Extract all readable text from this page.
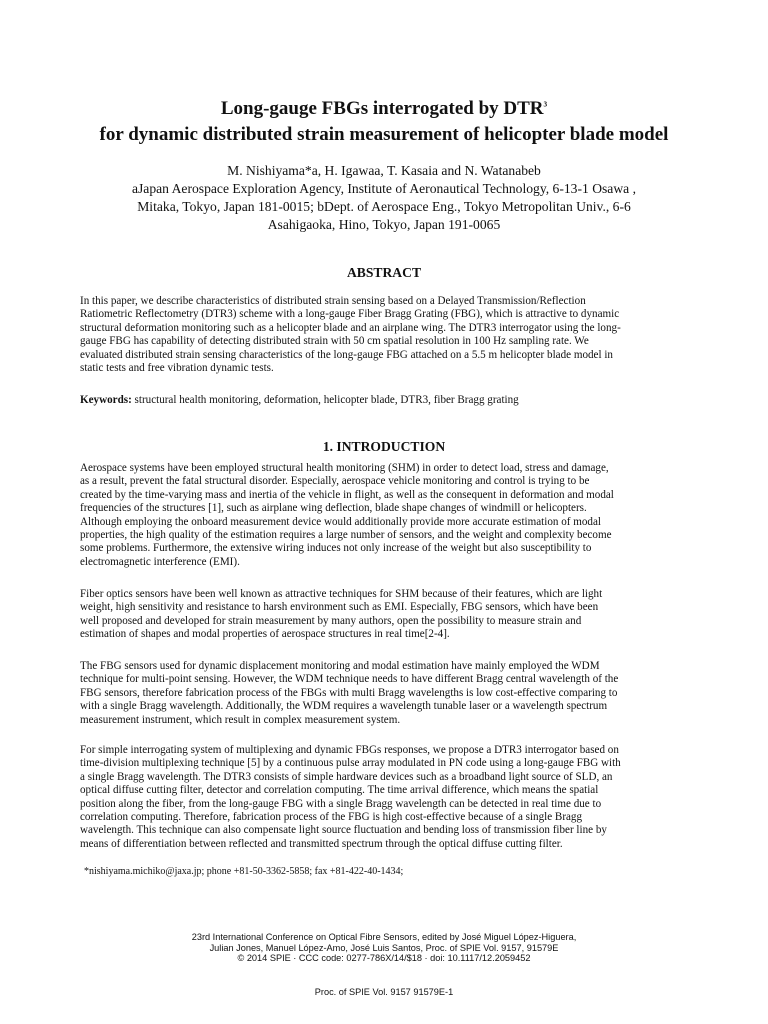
Long-gauge FBGs interrogated by DTR$^3$
for dynamic distributed strain measurement of helicopter blade model

M. Nishiyama*a, H. Igawaa, T. Kasaia and N. Watanabeb

aJapan Aerospace Exploration Agency, Institute of Aeronautical Technology, 6-13-1 Osawa ,

Mitaka, Tokyo, Japan 181-0015; bDept. of Aerospace Eng., Tokyo Metropolitan Univ., 6-6

Asahigaoka, Hino, Tokyo, Japan 191-0065

ABSTRACT

In this paper, we describe characteristics of distributed strain sensing based on a Delayed Transmission/Reflection
Ratiometric Reflectometry (DTR3) scheme with a long-gauge Fiber Bragg Grating (FBG), which is attractive to dynamic
structural deformation monitoring such as a helicopter blade and an airplane wing. The DTR3 interrogator using the long-
gauge FBG has capability of detecting distributed strain with 50 cm spatial resolution in 100 Hz sampling rate. We
evaluated distributed strain sensing characteristics of the long-gauge FBG attached on a 5.5 m helicopter blade model in
static tests and free vibration dynamic tests.

Keywords: structural health monitoring, deformation, helicopter blade, DTR3, fiber Bragg grating

1. INTRODUCTION

Aerospace systems have been employed structural health monitoring (SHM) in order to detect load, stress and damage,
as a result, prevent the fatal structural disorder. Especially, aerospace vehicle monitoring and control is trying to be
created by the time-varying mass and inertia of the vehicle in flight, as well as the consequent in deformation and modal
frequencies of the structures [1], such as airplane wing deflection, blade shape changes of windmill or helicopters.
Although employing the onboard measurement device would additionally provide more accurate estimation of modal
properties, the high quality of the estimation requires a large number of sensors, and the weight and complexity become
some problems. Furthermore, the extensive wiring induces not only increase of the weight but also susceptibility to
electromagnetic interference (EMI).

Fiber optics sensors have been well known as attractive techniques for SHM because of their features, which are light
weight, high sensitivity and resistance to harsh environment such as EMI. Especially, FBG sensors, which have been
well proposed and developed for strain measurement by many authors, open the possibility to measure strain and
estimation of shapes and modal properties of aerospace structures in real time[2-4].

The FBG sensors used for dynamic displacement monitoring and modal estimation have mainly employed the WDM
technique for multi-point sensing. However, the WDM technique needs to have different Bragg central wavelength of the
FBG sensors, therefore fabrication process of the FBGs with multi Bragg wavelengths is low cost-effective comparing to
with a single Bragg wavelength. Additionally, the WDM requires a wavelength tunable laser or a wavelength spectrum
measurement instrument, which result in complex measurement system.

For simple interrogating system of multiplexing and dynamic FBGs responses, we propose a DTR3 interrogator based on
time-division multiplexing technique [5] by a continuous pulse array modulated in PN code using a long-gauge FBG with
a single Bragg wavelength. The DTR3 consists of simple hardware devices such as a broadband light source of SLD, an
optical diffuse cutting filter, detector and correlation computing. The time arrival difference, which means the spatial
position along the fiber, from the long-gauge FBG with a single Bragg wavelength can be detected in real time due to
correlation computing. Therefore, fabrication process of the FBG is high cost-effective because of a single Bragg
wavelength. This technique can also compensate light source fluctuation and bending loss of transmission fiber line by
means of differentiation between reflected and transmitted spectrum through the optical diffuse cutting filter.

*nishiyama.michiko@jaxa.jp; phone +81-50-3362-5858; fax +81-422-40-1434;

23rd International Conference on Optical Fibre Sensors, edited by José Miguel López-Higuera,
Julian Jones, Manuel López-Amo, José Luis Santos, Proc. of SPIE Vol. 9157, 91579E
© 2014 SPIE · CCC code: 0277-786X/14/$18 · doi: 10.1117/12.2059452

Proc. of SPIE Vol. 9157 91579E-1
